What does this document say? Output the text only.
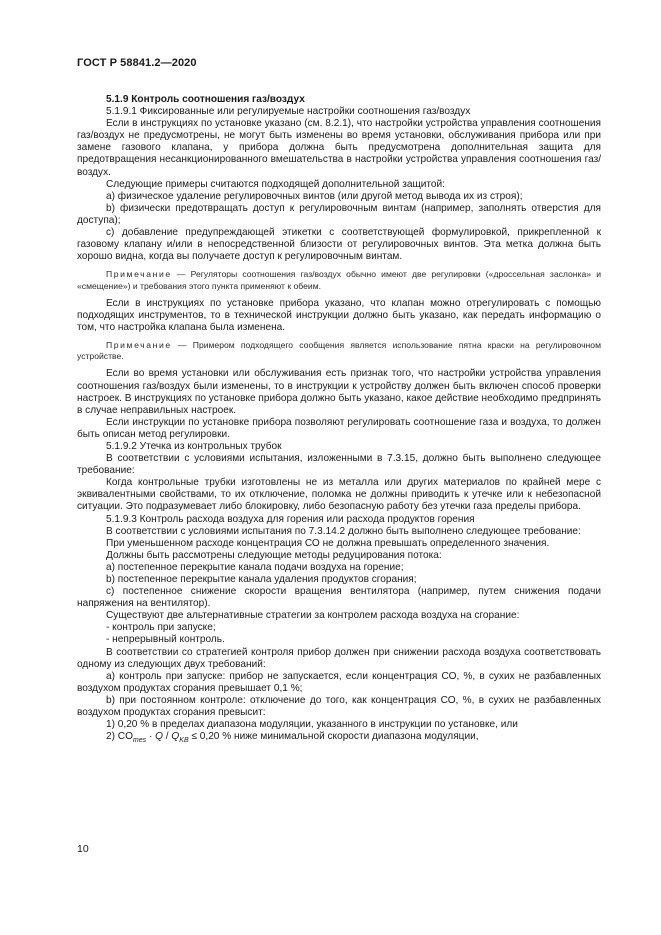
ГОСТ Р 58841.2—2020

5.1.9 Контроль соотношения газ/воздух

5.1.9.1 Фиксированные или регулируемые настройки соотношения газ/воздух

Если в инструкциях по установке указано (см. 8.2.1), что настройки устройства управления соотношения газ/воздух не предусмотрены, не могут быть изменены во время установки, обслуживания прибора или при замене газового клапана, у прибора должна быть предусмотрена дополнительная защита для предотвращения несанкционированного вмешательства в настройки устройства управления соотношения газ/воздух.

Следующие примеры считаются подходящей дополнительной защитой:

a) физическое удаление регулировочных винтов (или другой метод вывода их из строя);

b) физически предотвращать доступ к регулировочным винтам (например, заполнять отверстия для доступа);

c) добавление предупреждающей этикетки с соответствующей формулировкой, прикрепленной к газовому клапану и/или в непосредственной близости от регулировочных винтов. Эта метка должна быть хорошо видна, когда вы получаете доступ к регулировочным винтам.

Примечание — Регуляторы соотношения газ/воздух обычно имеют две регулировки («дроссельная заслонка» и «смещение») и требования этого пункта применяют к обеим.

Если в инструкциях по установке прибора указано, что клапан можно отрегулировать с помощью подходящих инструментов, то в технической инструкции должно быть указано, как передать информацию о том, что настройка клапана была изменена.

Примечание — Примером подходящего сообщения является использование пятна краски на регулировочном устройстве.

Если во время установки или обслуживания есть признак того, что настройки устройства управления соотношения газ/воздух были изменены, то в инструкции к устройству должен быть включен способ проверки настроек. В инструкциях по установке прибора должно быть указано, какое действие необходимо предпринять в случае неправильных настроек.

Если инструкции по установке прибора позволяют регулировать соотношение газа и воздуха, то должен быть описан метод регулировки.

5.1.9.2 Утечка из контрольных трубок

В соответствии с условиями испытания, изложенными в 7.3.15, должно быть выполнено следующее требование:

Когда контрольные трубки изготовлены не из металла или других материалов по крайней мере с эквивалентными свойствами, то их отключение, поломка не должны приводить к утечке или к небезопасной ситуации. Это подразумевает либо блокировку, либо безопасную работу без утечки газа пределы прибора.

5.1.9.3 Контроль расхода воздуха для горения или расхода продуктов горения

В соответствии с условиями испытания по 7.3.14.2 должно быть выполнено следующее требование:

При уменьшенном расходе концентрация СО не должна превышать определенного значения.

Должны быть рассмотрены следующие методы редуцирования потока:

a) постепенное перекрытие канала подачи воздуха на горение;

b) постепенное перекрытие канала удаления продуктов сгорания;

c) постепенное снижение скорости вращения вентилятора (например, путем снижения подачи напряжения на вентилятор).

Существуют две альтернативные стратегии за контролем расхода воздуха на сгорание:

- контроль при запуске;

- непрерывный контроль.

В соответствии со стратегией контроля прибор должен при снижении расхода воздуха соответствовать одному из следующих двух требований:

a) контроль при запуске: прибор не запускается, если концентрация СО, %, в сухих не разбавленных воздухом продуктах сгорания превышает 0,1 %;

b) при постоянном контроле: отключение до того, как концентрация СО, %, в сухих не разбавленных воздухом продуктах сгорания превысит:

1) 0,20 % в пределах диапазона модуляции, указанного в инструкции по установке, или

2) $CO_{mes} \cdot Q / Q_{KB} \le 0,20$ % ниже минимальной скорости диапазона модуляции,

10
